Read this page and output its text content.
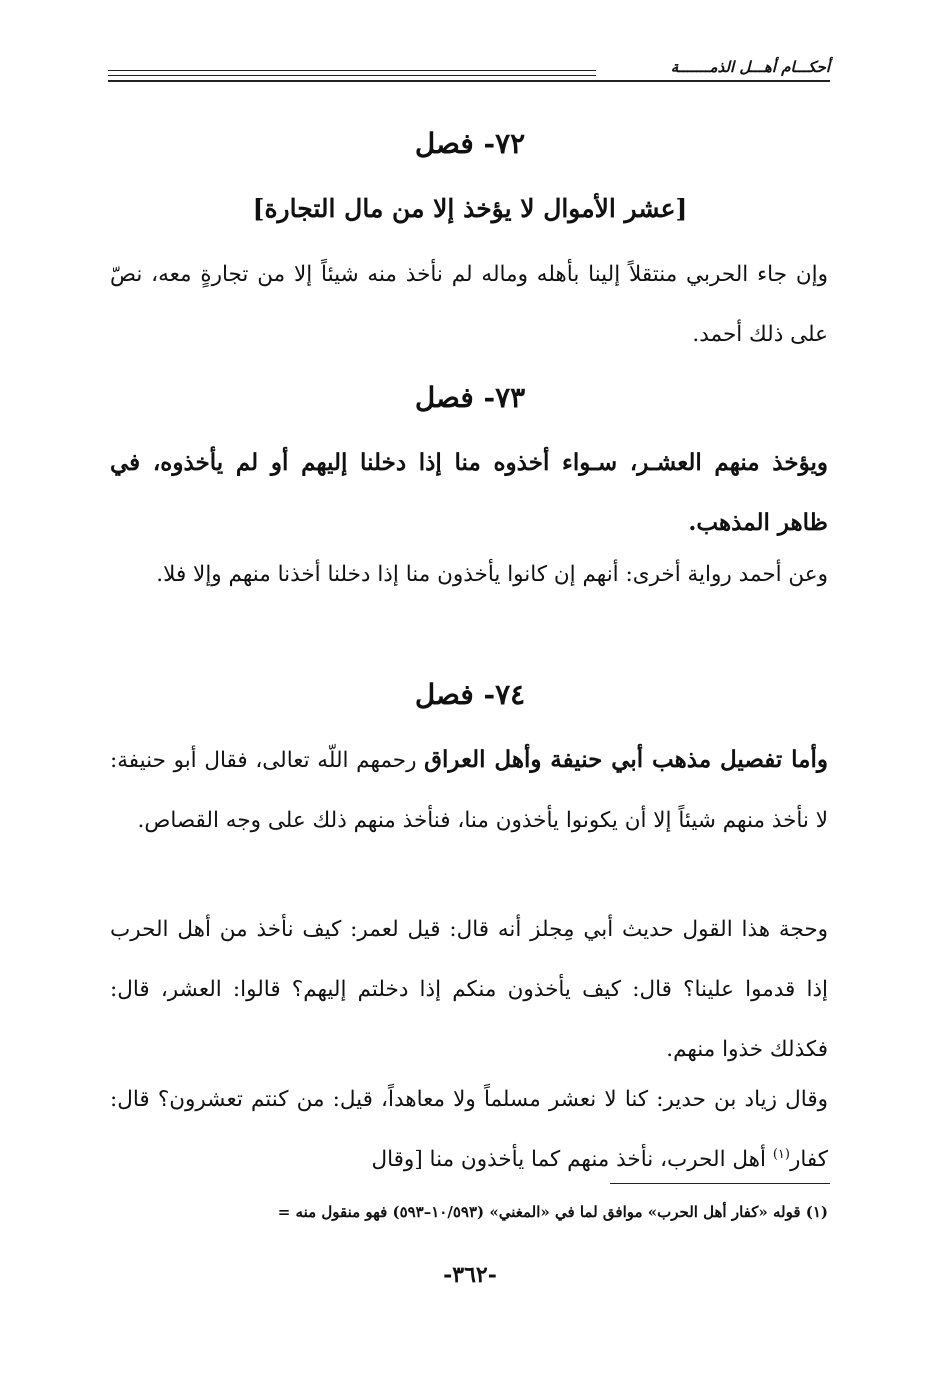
أحكـــام أهـــل الذمـــــــة
٧٢- فصل
[عشر الأموال لا يؤخذ إلا من مال التجارة]
وإن جاء الحربي منتقلاً إلينا بأهله وماله لم نأخذ منه شيئاً إلا من تجارةٍ معه، نصّ على ذلك أحمد.
٧٣- فصل
ويؤخذ منهم العشـر، سـواء أخذوه منا إذا دخلنا إليهم أو لم يأخذوه، في ظاهر المذهب.
وعن أحمد رواية أخرى: أنهم إن كانوا يأخذون منا إذا دخلنا أخذنا منهم وإلا فلا.
٧٤- فصل
وأما تفصيل مذهب أبي حنيفة وأهل العراق رحمهم اللّه تعالى، فقال أبو حنيفة: لا نأخذ منهم شيئاً إلا أن يكونوا يأخذون منا، فنأخذ منهم ذلك على وجه القصاص.
وحجة هذا القول حديث أبي مِجلز أنه قال: قيل لعمر: كيف نأخذ من أهل الحرب إذا قدموا علينا؟ قال: كيف يأخذون منكم إذا دخلتم إليهم؟ قالوا: العشر، قال: فكذلك خذوا منهم.
وقال زياد بن حدير: كنا لا نعشر مسلماً ولا معاهداً، قيل: من كنتم تعشرون؟ قال: كفار$^{(١)}$ أهل الحرب، نأخذ منهم كما يأخذون منا [وقال
(١) قوله «كفار أهل الحرب» موافق لما في «المغني» (١٠/٥٩٣–٥٩٣) فهو منقول منه =
-٣٦٢-
